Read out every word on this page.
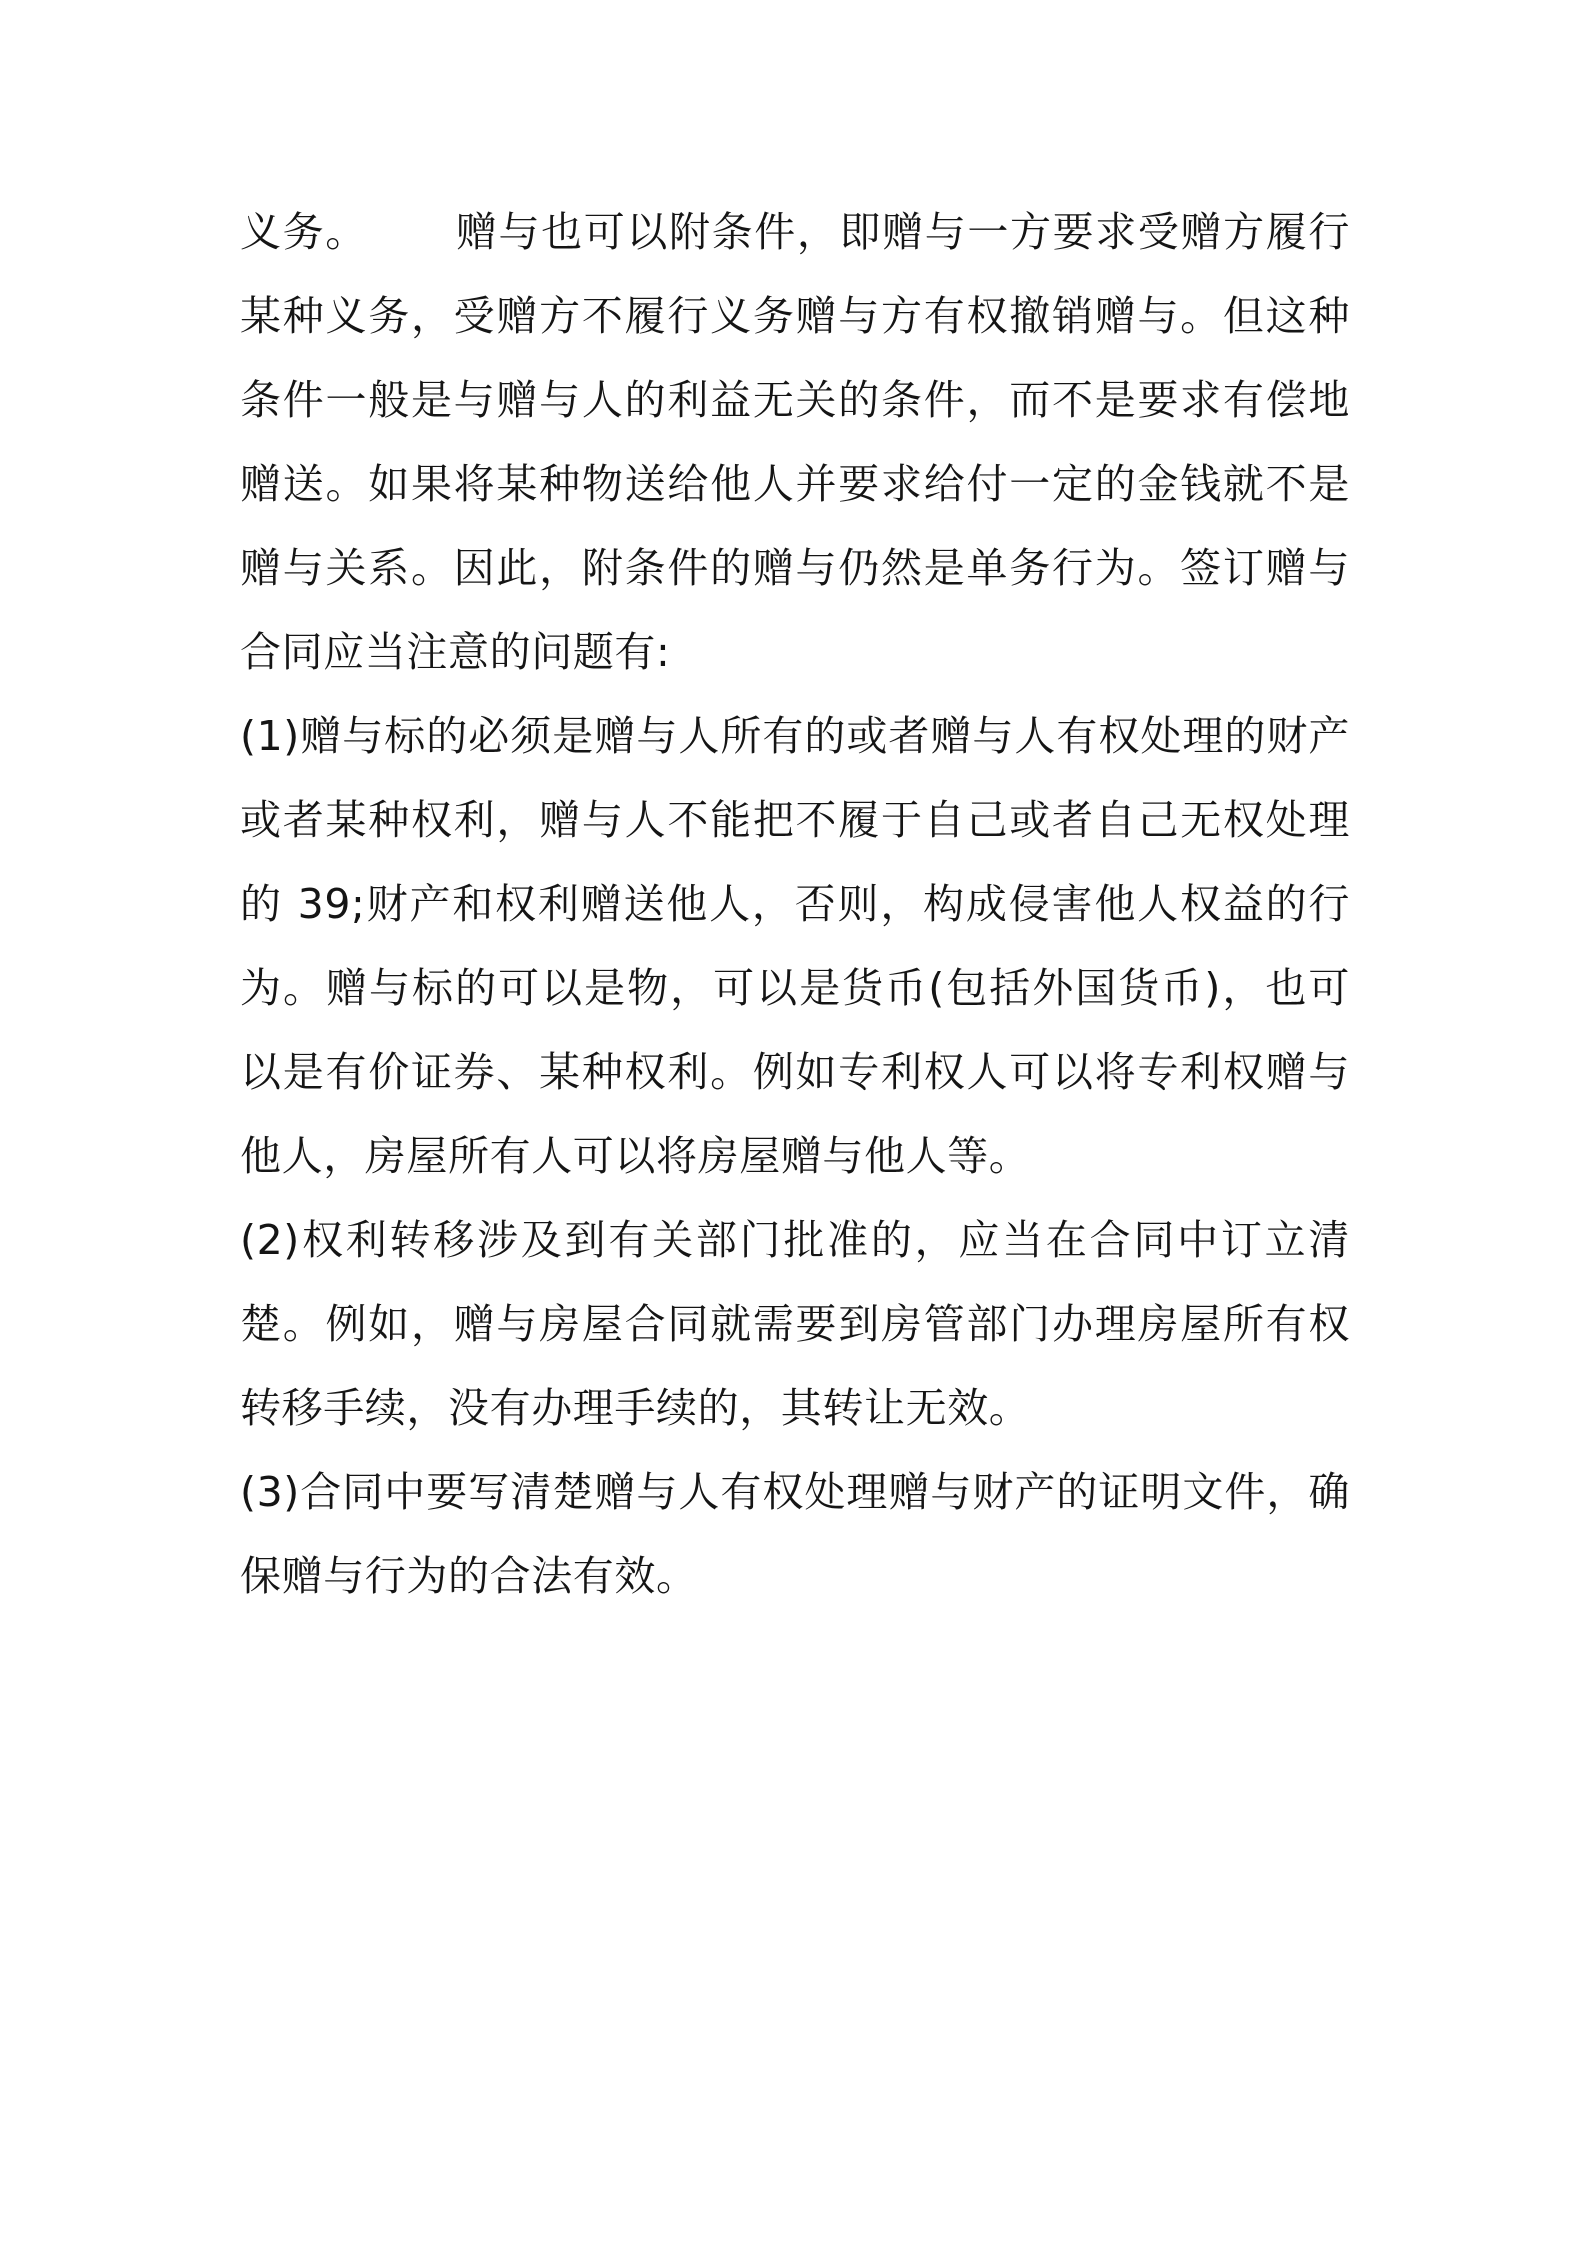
义务。      赠与也可以附条件，即赠与一方要求受赠方履行某种义务，受赠方不履行义务赠与方有权撤销赠与。但这种条件一般是与赠与人的利益无关的条件，而不是要求有偿地赠送。如果将某种物送给他人并要求给付一定的金钱就不是赠与关系。因此，附条件的赠与仍然是单务行为。签订赠与合同应当注意的问题有:

(1)赠与标的必须是赠与人所有的或者赠与人有权处理的财产或者某种权利，赠与人不能把不履于自己或者自己无权处理的 39;财产和权利赠送他人，否则，构成侵害他人权益的行为。赠与标的可以是物，可以是货币(包括外国货币)，也可以是有价证券、某种权利。例如专利权人可以将专利权赠与他人，房屋所有人可以将房屋赠与他人等。

(2)权利转移涉及到有关部门批准的，应当在合同中订立清楚。例如，赠与房屋合同就需要到房管部门办理房屋所有权转移手续，没有办理手续的，其转让无效。

(3)合同中要写清楚赠与人有权处理赠与财产的证明文件，确保赠与行为的合法有效。
